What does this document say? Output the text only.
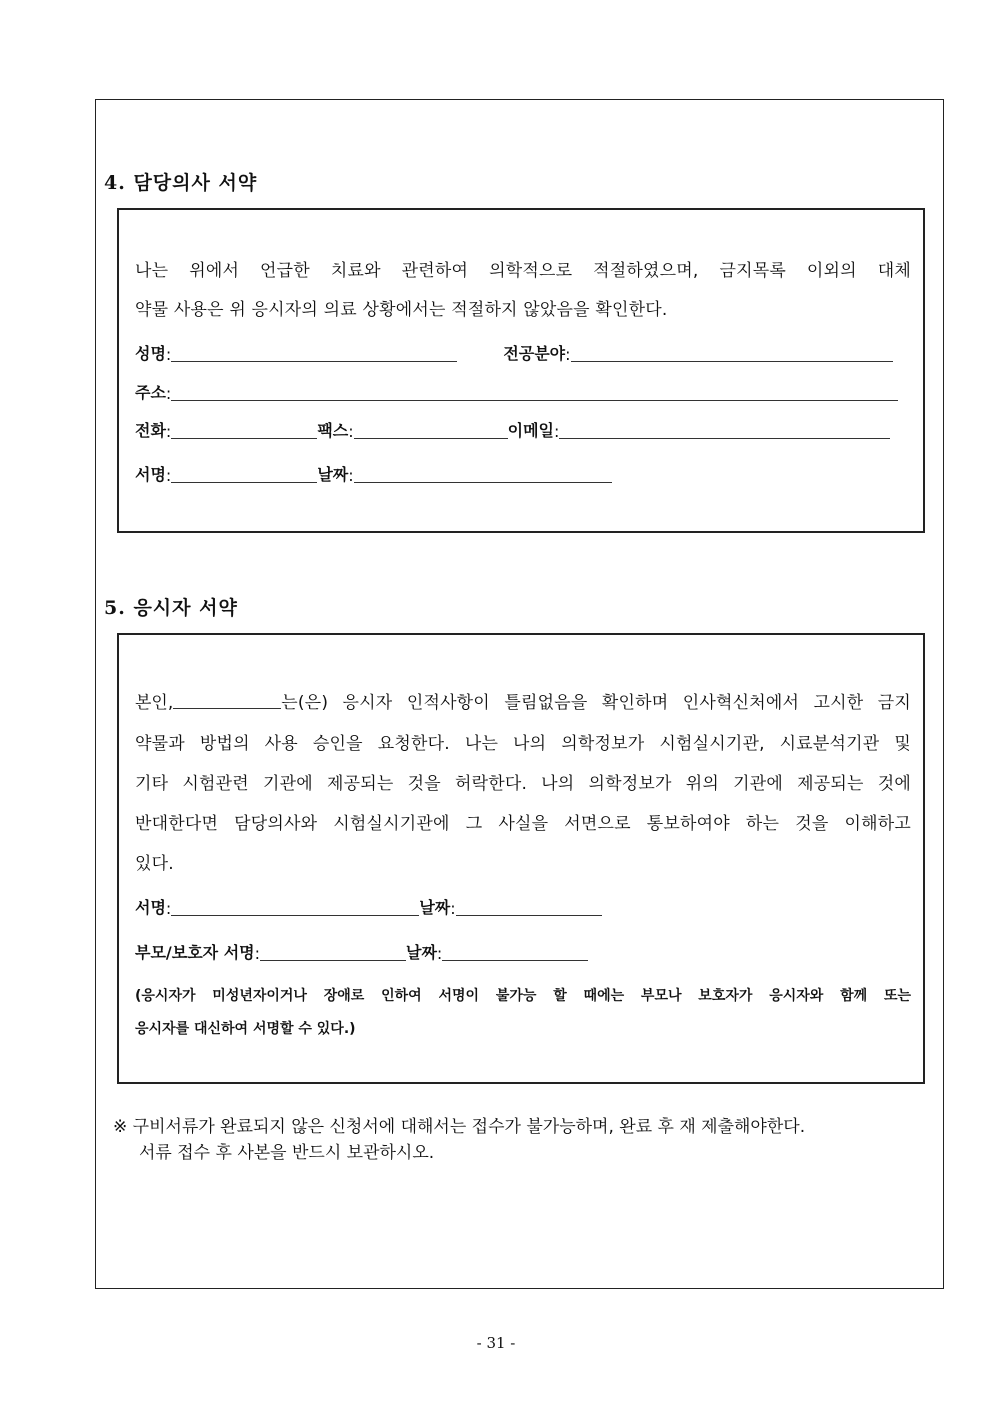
4. 담당의사 서약
나는 위에서 언급한 치료와 관련하여 의학적으로 적절하였으며, 금지목록 이외의 대체
약물 사용은 위 응시자의 의료 상황에서는 적절하지 않았음을 확인한다.
성명 :	전공분야 :
주소 :
전화 :	팩스 :	이메일 :
서명 :	날짜 :
5. 응시자 서약
본인,	는(은) 응시자 인적사항이 틀림없음을 확인하며 인사혁신처에서 고시한 금지
약물과 방법의 사용 승인을 요청한다. 나는 나의 의학정보가 시험실시기관, 시료분석기관 및
기타 시험관련 기관에 제공되는 것을 허락한다. 나의 의학정보가 위의 기관에 제공되는 것에
반대한다면 담당의사와 시험실시기관에 그 사실을 서면으로 통보하여야 하는 것을 이해하고
있다.
서명 :	날짜 :
부모/보호자 서명 :	날짜 :
(응시자가 미성년자이거나 장애로 인하여 서명이 불가능 할 때에는 부모나 보호자가 응시자와 함께 또는
응시자를 대신하여 서명할 수 있다.)
※ 구비서류가 완료되지 않은 신청서에 대해서는 접수가 불가능하며, 완료 후 재 제출해야한다.
서류 접수 후 사본을 반드시 보관하시오.
- 31 -
